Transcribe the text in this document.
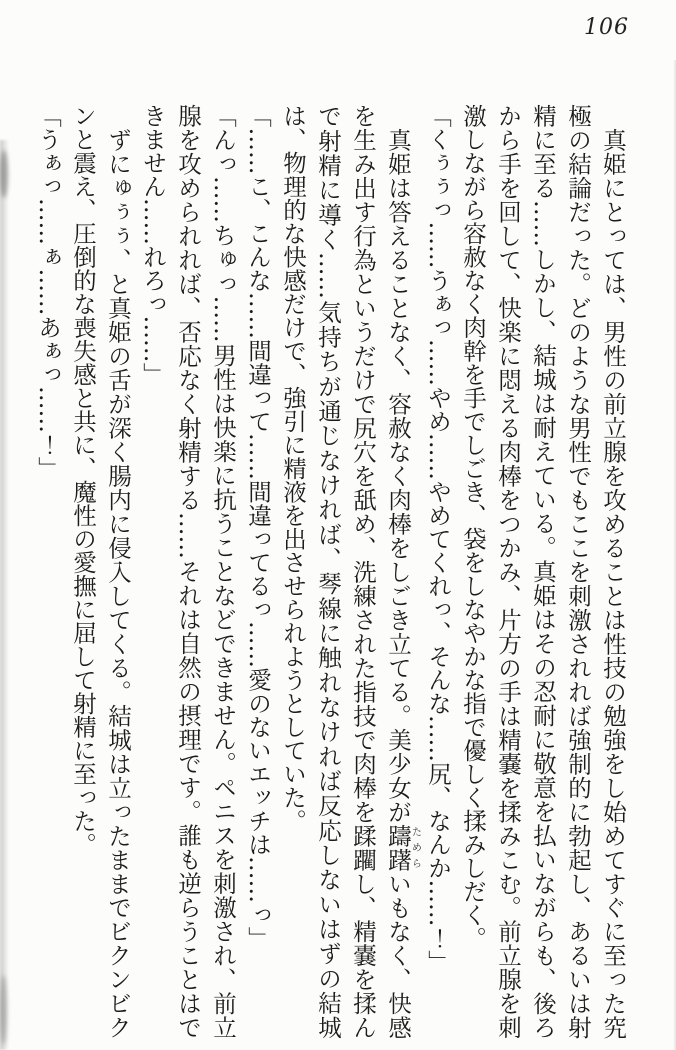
106

　真姫にとっては、男性の前立腺を攻めることは性技の勉強をし始めてすぐに至った究極の結論だった。どのような男性でもここを刺激されれば強制的に勃起し、あるいは射精に至る……しかし、結城は耐えている。真姫はその忍耐に敬意を払いながらも、後ろから手を回して、快楽に悶える肉棒をつかみ、片方の手は精嚢を揉みこむ。前立腺を刺激しながら容赦なく肉幹を手でしごき、袋をしなやかな指で優しく揉みしだく。

「くぅぅっ……うぁっ……やめ……やめてくれっ、そんな……尻、なんか……！」

　真姫は答えることなく、容赦なく肉棒をしごき立てる。美少女が躊躇ためらいもなく、快感を生み出す行為というだけで尻穴を舐め、洗練された指技で肉棒を蹂躙し、精嚢を揉んで射精に導く……気持ちが通じなければ、琴線に触れなければ反応しないはずの結城は、物理的な快感だけで、強引に精液を出させられようとしていた。

「……こ、こんな……間違って……間違ってるっ……愛のないエッチは……っ」

「んっ……ちゅっ……男性は快楽に抗うことなどできません。ペニスを刺激され、前立腺を攻められれば、否応なく射精する……それは自然の摂理です。誰も逆らうことはできません……れろっ……」

　ずにゅぅぅ、と真姫の舌が深く腸内に侵入してくる。結城は立ったままでビクンビクンと震え、圧倒的な喪失感と共に、魔性の愛撫に屈して射精に至った。

「うぁっ……ぁ……あぁっ……！」
